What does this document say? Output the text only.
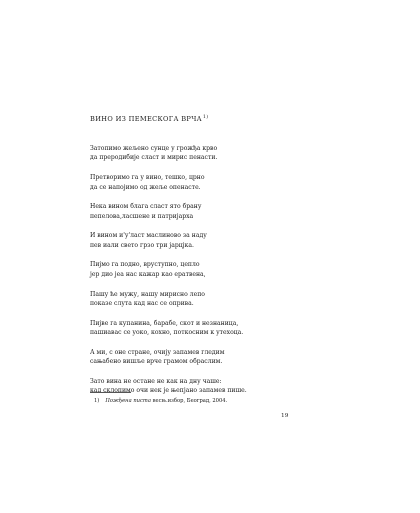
ВИНО ИЗ ПЕМЕСКОГА ВРЧА$^{1)}$
Затопимо жељено сунце у грожђа крво
да преродибије сласт и мирис пенасти.
Претворимо га у вино, тешко, црно
да се напојимо од жеље опенасте.
Нека вином блага сласт ято брану
пепелова,ласшене и патријарха
И вином и'у'ласт маслиново за наду
пев иали свето грзо три јарцјка.
Пијмо га подно, вруступно, цепло
јер дио јеа нас кажар као ератвена,
Пашу ће мужу, нашу мирисно лепо
показе слута кад нас се оприва.
Пијве га купанина, барабе, скот и незнаница,
пашиавас се уоко, кохно, поткосним к утехоца.
А ми, с оне стране, очију запамев гледим
сањабено вишље врче грамом обраслим.
Зато вина не остане не как на дну чаше:
кад склопимо очи нек је њепјано запамев пише.
1) Пожђена писта весњ.избор, Београд, 2004.
19
